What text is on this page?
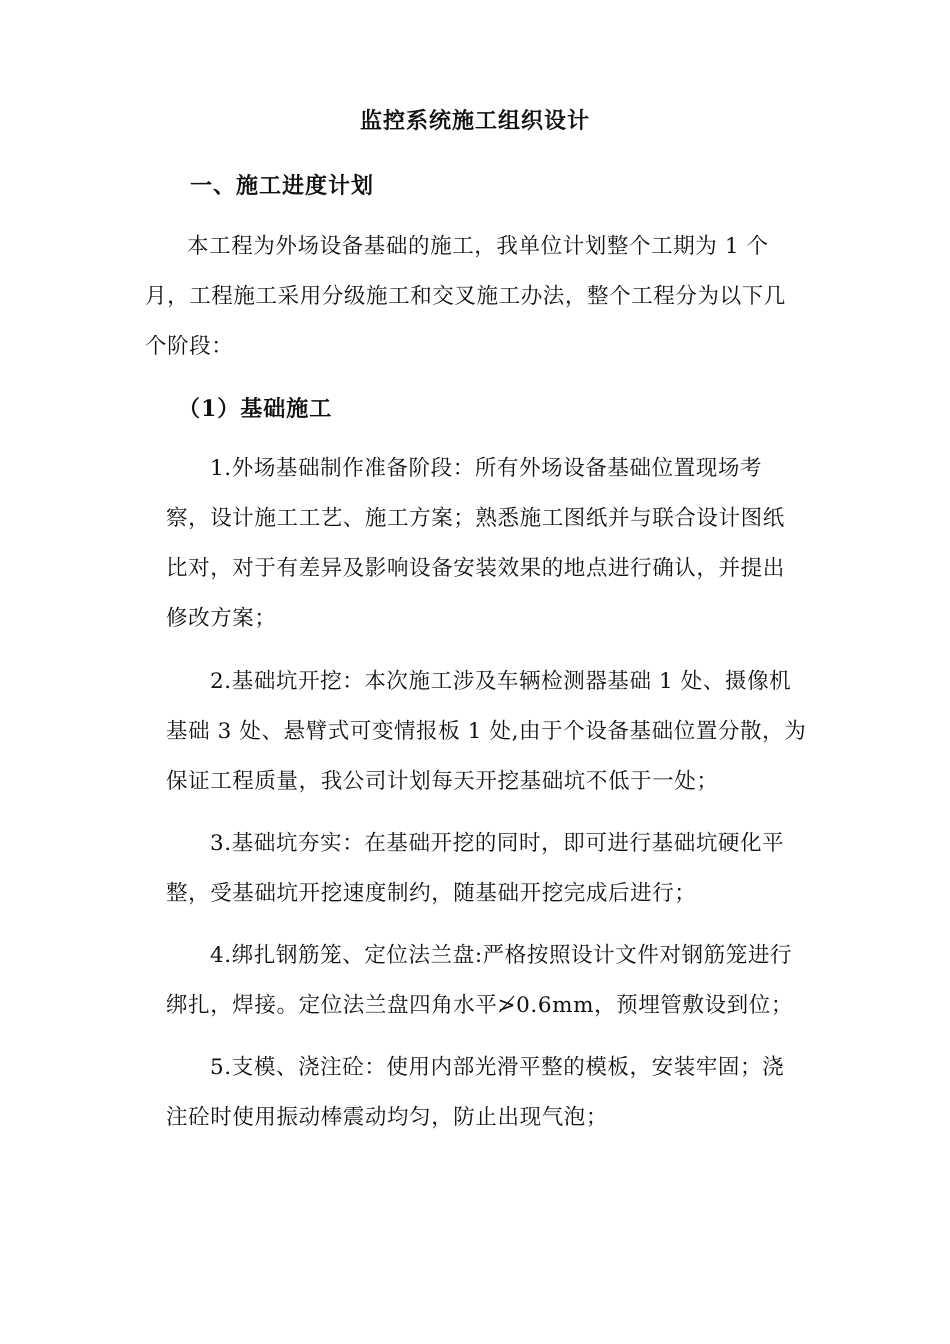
监控系统施工组织设计
一、施工进度计划
本工程为外场设备基础的施工，我单位计划整个工期为 1 个
月，工程施工采用分级施工和交叉施工办法，整个工程分为以下几
个阶段：
（1）基础施工
1.外场基础制作准备阶段：所有外场设备基础位置现场考
察，设计施工工艺、施工方案；熟悉施工图纸并与联合设计图纸
比对，对于有差异及影响设备安装效果的地点进行确认，并提出
修改方案；
2.基础坑开挖：本次施工涉及车辆检测器基础 1 处、摄像机
基础 3 处、悬臂式可变情报板 1 处,由于个设备基础位置分散，为
保证工程质量，我公司计划每天开挖基础坑不低于一处；
3.基础坑夯实：在基础开挖的同时，即可进行基础坑硬化平
整，受基础坑开挖速度制约，随基础开挖完成后进行；
4.绑扎钢筋笼、定位法兰盘:严格按照设计文件对钢筋笼进行
绑扎，焊接。定位法兰盘四角水平≯0.6mm，预埋管敷设到位；
5.支模、浇注砼：使用内部光滑平整的模板，安装牢固；浇
注砼时使用振动棒震动均匀，防止出现气泡；
